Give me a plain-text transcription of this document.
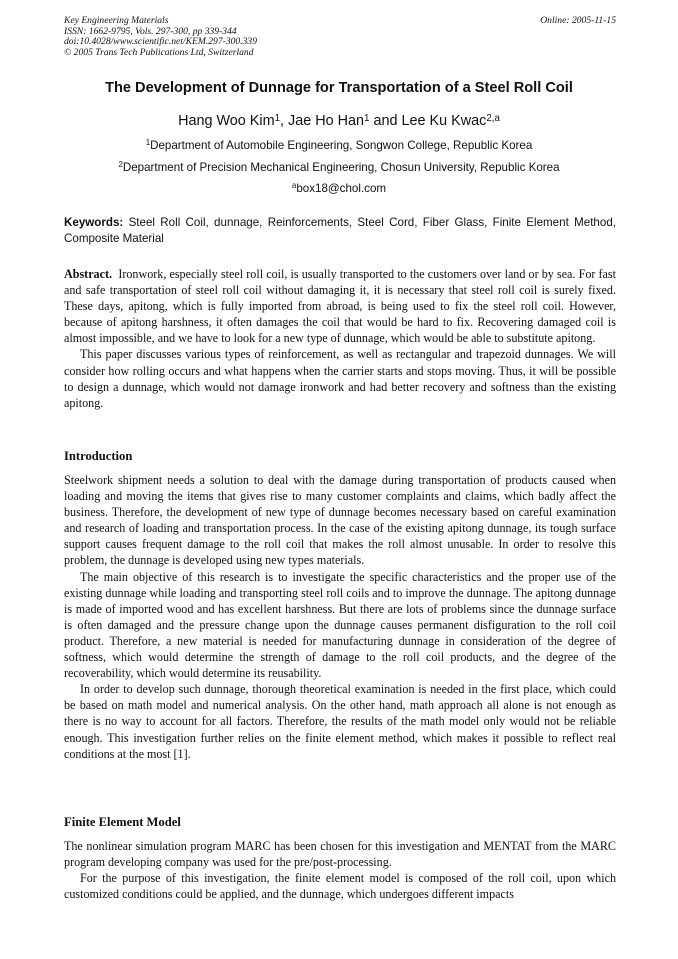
Key Engineering Materials
ISSN: 1662-9795, Vols. 297-300, pp 339-344
doi:10.4028/www.scientific.net/KEM.297-300.339
© 2005 Trans Tech Publications Ltd, Switzerland
Online: 2005-11-15
The Development of Dunnage for Transportation of a Steel Roll Coil
Hang Woo Kim$^1$, Jae Ho Han$^1$ and Lee Ku Kwac$^{2,a}$
$^1$Department of Automobile Engineering, Songwon College, Republic Korea
$^2$Department of Precision Mechanical Engineering, Chosun University, Republic Korea
$^a$box18@chol.com
Keywords: Steel Roll Coil, dunnage, Reinforcements, Steel Cord, Fiber Glass, Finite Element Method, Composite Material

Abstract. Ironwork, especially steel roll coil, is usually transported to the customers over land or by sea. For fast and safe transportation of steel roll coil without damaging it, it is necessary that steel roll coil is surely fixed. These days, apitong, which is fully imported from abroad, is being used to fix the steel roll coil. However, because of apitong harshness, it often damages the coil that would be hard to fix. Recovering damaged coil is almost impossible, and we have to look for a new type of dunnage, which would be able to substitute apitong.

This paper discusses various types of reinforcement, as well as rectangular and trapezoid dunnages. We will consider how rolling occurs and what happens when the carrier starts and stops moving. Thus, it will be possible to design a dunnage, which would not damage ironwork and had better recovery and softness than the existing apitong.

Introduction

Steelwork shipment needs a solution to deal with the damage during transportation of products caused when loading and moving the items that gives rise to many customer complaints and claims, which badly affect the business. Therefore, the development of new type of dunnage becomes necessary based on careful examination and research of loading and transportation process. In the case of the existing apitong dunnage, its tough surface support causes frequent damage to the roll coil that makes the roll almost unusable. In order to resolve this problem, the dunnage is developed using new types materials.

The main objective of this research is to investigate the specific characteristics and the proper use of the existing dunnage while loading and transporting steel roll coils and to improve the dunnage. The apitong dunnage is made of imported wood and has excellent harshness. But there are lots of problems since the dunnage surface is often damaged and the pressure change upon the dunnage causes permanent disfiguration to the roll coil product. Therefore, a new material is needed for manufacturing dunnage in consideration of the degree of softness, which would determine the strength of damage to the roll coil products, and the degree of the recoverability, which would determine its reusability.

In order to develop such dunnage, thorough theoretical examination is needed in the first place, which could be based on math model and numerical analysis. On the other hand, math approach all alone is not enough as there is no way to account for all factors. Therefore, the results of the math model only would not be reliable enough. This investigation further relies on the finite element method, which makes it possible to reflect real conditions at the most [1].

Finite Element Model

The nonlinear simulation program MARC has been chosen for this investigation and MENTAT from the MARC program developing company was used for the pre/post-processing.

For the purpose of this investigation, the finite element model is composed of the roll coil, upon which customized conditions could be applied, and the dunnage, which undergoes different impacts
